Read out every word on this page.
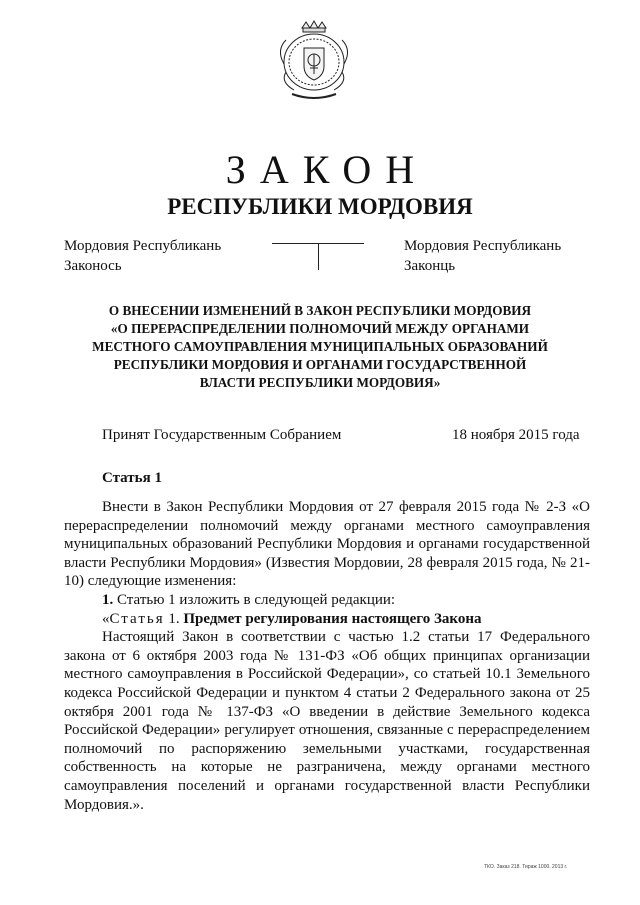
ЗАКОН
РЕСПУБЛИКИ МОРДОВИЯ
Мордовия Республикань
Законось
Мордовия Республикань
Законць
О ВНЕСЕНИИ ИЗМЕНЕНИЙ В ЗАКОН РЕСПУБЛИКИ МОРДОВИЯ
«О ПЕРЕРАСПРЕДЕЛЕНИИ ПОЛНОМОЧИЙ МЕЖДУ ОРГАНАМИ
МЕСТНОГО САМОУПРАВЛЕНИЯ МУНИЦИПАЛЬНЫХ ОБРАЗОВАНИЙ
РЕСПУБЛИКИ МОРДОВИЯ И ОРГАНАМИ ГОСУДАРСТВЕННОЙ
ВЛАСТИ РЕСПУБЛИКИ МОРДОВИЯ»
Принят Государственным Собранием	18 ноября 2015 года
Статья 1

Внести в Закон Республики Мордовия от 27 февраля 2015 года № 2-З «О перераспределении полномочий между органами местного самоуправления муниципальных образований Республики Мордовия и органами государственной власти Республики Мордовия» (Известия Мордовии, 28 февраля 2015 года, № 21-10) следующие изменения:

1. Статью 1 изложить в следующей редакции:

«Статья 1. Предмет регулирования настоящего Закона

Настоящий Закон в соответствии с частью 1.2 статьи 17 Федерального закона от 6 октября 2003 года № 131-ФЗ «Об общих принципах организации местного самоуправления в Российской Федерации», со статьей 10.1 Земельного кодекса Российской Федерации и пунктом 4 статьи 2 Федерального закона от 25 октября 2001 года № 137-ФЗ «О введении в действие Земельного кодекса Российской Федерации» регулирует отношения, связанные с перераспределением полномочий по распоряжению земельными участками, государственная собственность на которые не разграничена, между органами местного самоуправления поселений и органами государственной власти Республики Мордовия.».

ТКО. Заказ 218. Тираж 1000. 2013 г.
